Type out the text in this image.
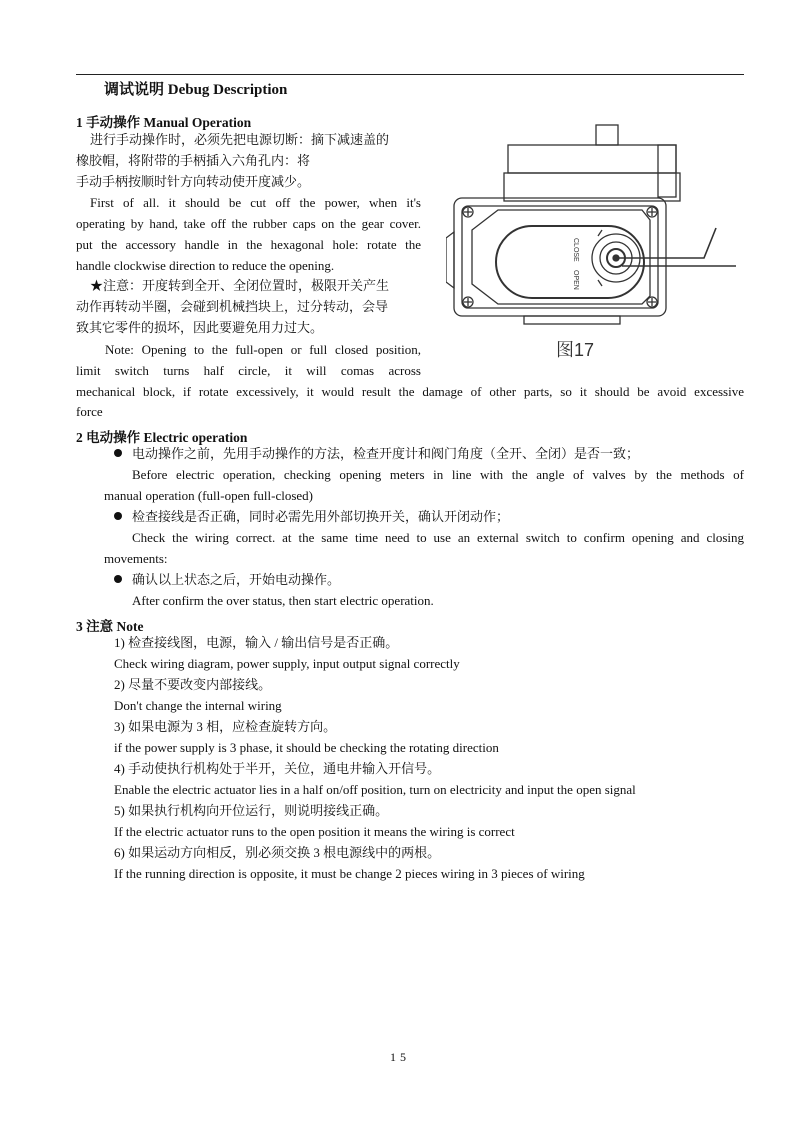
调试说明 Debug Description
1 手动操作 Manual Operation
进行手动操作时，必须先把电源切断：摘下减速盖的
橡胶帽，将附带的手柄插入六角孔内：将
手动手柄按顺时针方向转动使开度减少。
First of all. it should be cut off the power, when it's
operating by hand, take off the rubber caps on the gear cover.
put the accessory handle in the hexagonal hole: rotate the
handle clockwise direction to reduce the opening.
★注意：开度转到全开、全闭位置时，极限开关产生
动作再转动半圈，会碰到机械挡块上，过分转动，会导
致其它零件的损坏，因此要避免用力过大。
Note: Opening to the full-open or full closed position,
limit switch turns half circle, it will comas across
mechanical block, if rotate excessively, it would result the damage of other parts, so it should be avoid excessive
force
CLOSE
OPEN
图17
2 电动操作 Electric operation
电动操作之前，先用手动操作的方法，检查开度计和阀门角度（全开、全闭）是否一致；
Before electric operation, checking opening meters in line with the angle of valves by the methods of
manual operation (full-open full-closed)
检查接线是否正确，同时必需先用外部切换开关，确认开闭动作；
Check the wiring correct. at the same time need to use an external switch to confirm opening and closing
movements:
确认以上状态之后，开始电动操作。
After confirm the over status, then start electric operation.
3 注意 Note
1) 检查接线图，电源，输入 / 输出信号是否正确。
Check wiring diagram, power supply, input output signal correctly
2) 尽量不要改变内部接线。
Don't change the internal wiring
3) 如果电源为 3 相，应检查旋转方向。
if the power supply is 3 phase, it should be checking the rotating direction
4) 手动使执行机构处于半开，关位，通电井输入开信号。
Enable the electric actuator lies in a half on/off position, turn on electricity and input the open signal
5) 如果执行机构向开位运行，则说明接线正确。
If the electric actuator runs to the open position it means the wiring is correct
6) 如果运动方向相反，别必须交换 3 根电源线中的两根。
If the running direction is opposite, it must be change 2 pieces wiring in 3 pieces of wiring
15
